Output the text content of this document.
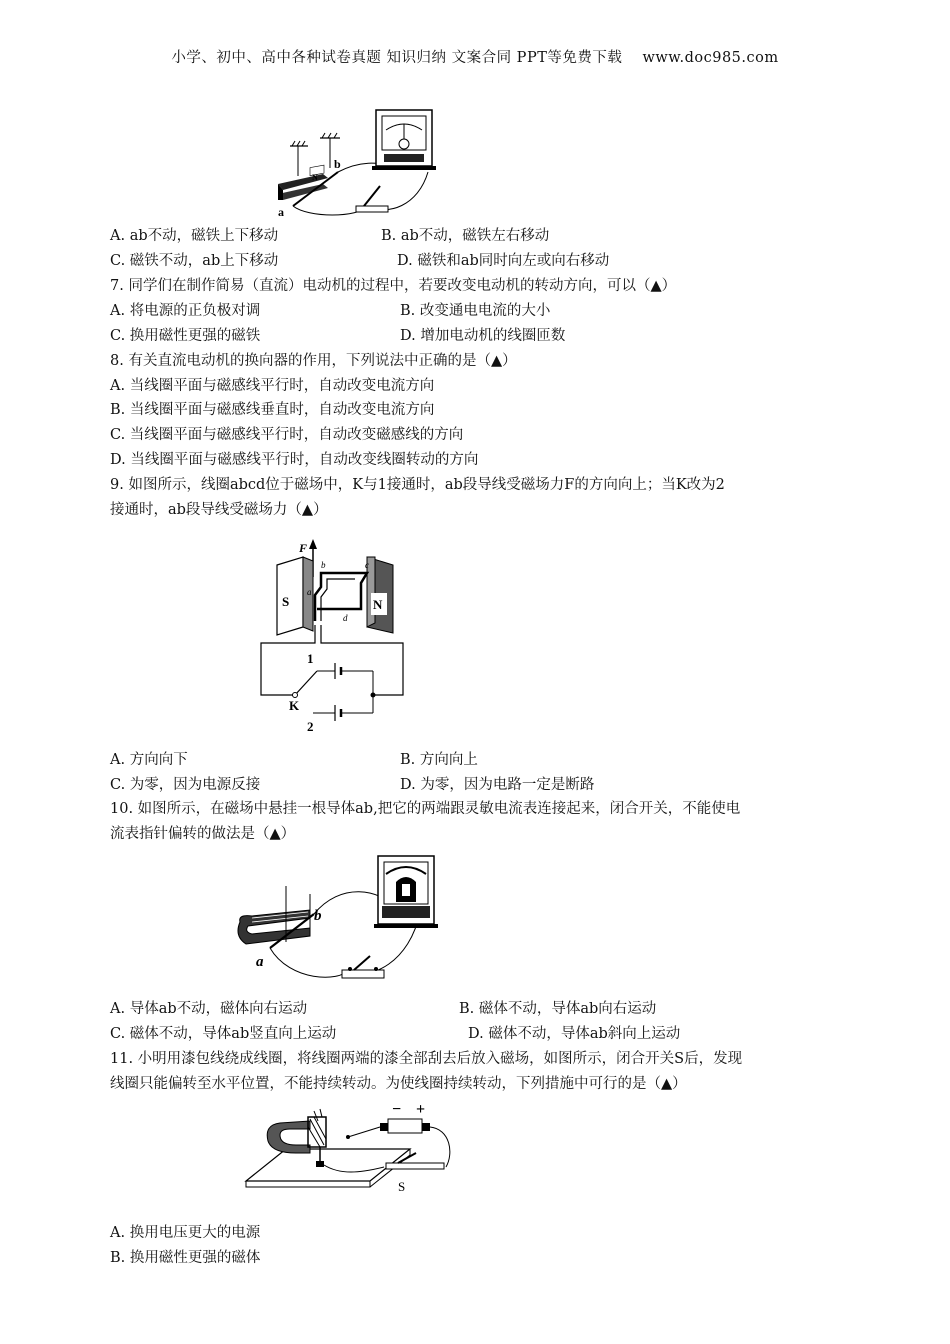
小学、初中、高中各种试卷真题 知识归纳 文案合同 PPT等免费下载　 www.doc985.com
N
a
b
A. ab不动，磁铁上下移动	B. ab不动，磁铁左右移动
C. 磁铁不动，ab上下移动	D. 磁铁和ab同时向左或向右移动
7. 同学们在制作简易（直流）电动机的过程中，若要改变电动机的转动方向，可以（▲）
A. 将电源的正负极对调	B. 改变通电电流的大小
C. 换用磁性更强的磁铁	D. 增加电动机的线圈匝数
8. 有关直流电动机的换向器的作用，下列说法中正确的是（▲）
A. 当线圈平面与磁感线平行时，自动改变电流方向
B. 当线圈平面与磁感线垂直时，自动改变电流方向
C. 当线圈平面与磁感线平行时，自动改变磁感线的方向
D. 当线圈平面与磁感线平行时，自动改变线圈转动的方向
9. 如图所示，线圈abcd位于磁场中，K与1接通时，ab段导线受磁场力F的方向向上；当K改为2
接通时，ab段导线受磁场力（▲）
F
S	N
a
b	c
d
1
K
2
A. 方向向下	B. 方向向上
C. 为零，因为电源反接	D. 为零，因为电路一定是断路
10. 如图所示，在磁场中悬挂一根导体ab,把它的两端跟灵敏电流表连接起来，闭合开关，不能使电
流表指针偏转的做法是（▲）
b
a
A. 导体ab不动，磁体向右运动	B. 磁体不动，导体ab向右运动
C. 磁体不动，导体ab竖直向上运动	D. 磁体不动，导体ab斜向上运动
11. 小明用漆包线绕成线圈，将线圈两端的漆全部刮去后放入磁场，如图所示，闭合开关S后，发现
线圈只能偏转至水平位置，不能持续转动。为使线圈持续转动，下列措施中可行的是（▲）
− +
S
A. 换用电压更大的电源
B. 换用磁性更强的磁体
